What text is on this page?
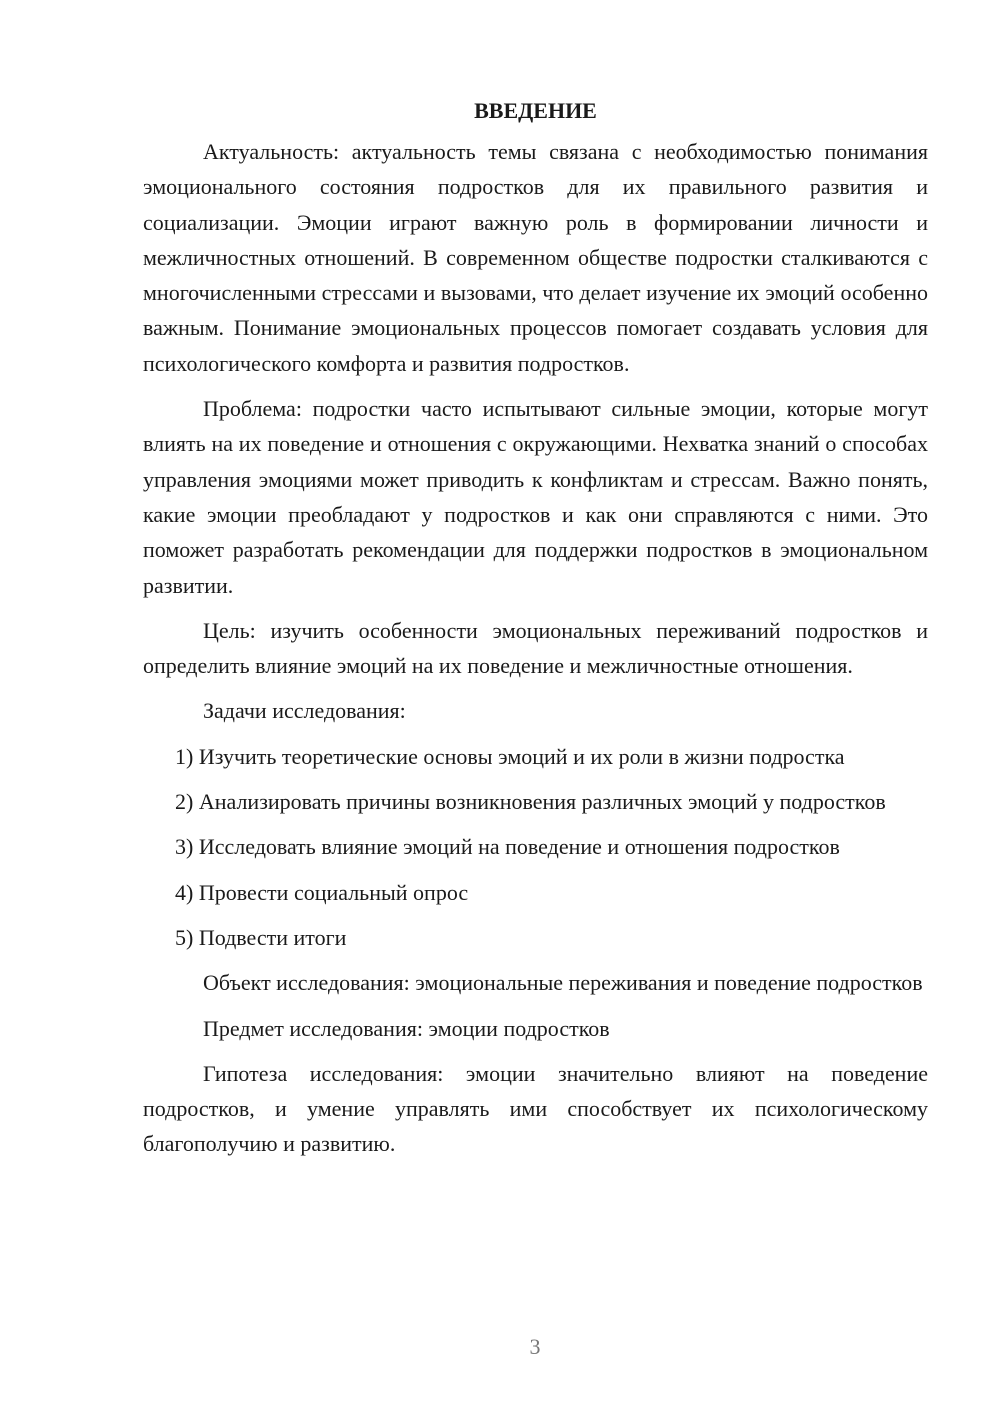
ВВЕДЕНИЕ

Актуальность: актуальность темы связана с необходимостью понимания эмоционального состояния подростков для их правильного развития и социализации. Эмоции играют важную роль в формировании личности и межличностных отношений. В современном обществе подростки сталкиваются с многочисленными стрессами и вызовами, что делает изучение их эмоций особенно важным. Понимание эмоциональных процессов помогает создавать условия для психологического комфорта и развития подростков.

Проблема: подростки часто испытывают сильные эмоции, которые могут влиять на их поведение и отношения с окружающими. Нехватка знаний о способах управления эмоциями может приводить к конфликтам и стрессам. Важно понять, какие эмоции преобладают у подростков и как они справляются с ними. Это поможет разработать рекомендации для поддержки подростков в эмоциональном развитии.

Цель: изучить особенности эмоциональных переживаний подростков и определить влияние эмоций на их поведение и межличностные отношения.

Задачи исследования:

1) Изучить теоретические основы эмоций и их роли в жизни подростка

2) Анализировать причины возникновения различных эмоций у подростков

3) Исследовать влияние эмоций на поведение и отношения подростков

4) Провести социальный опрос

5) Подвести итоги

Объект исследования: эмоциональные переживания и поведение подростков

Предмет исследования: эмоции подростков

Гипотеза исследования: эмоции значительно влияют на поведение подростков, и умение управлять ими способствует их психологическому благополучию и развитию.

3
